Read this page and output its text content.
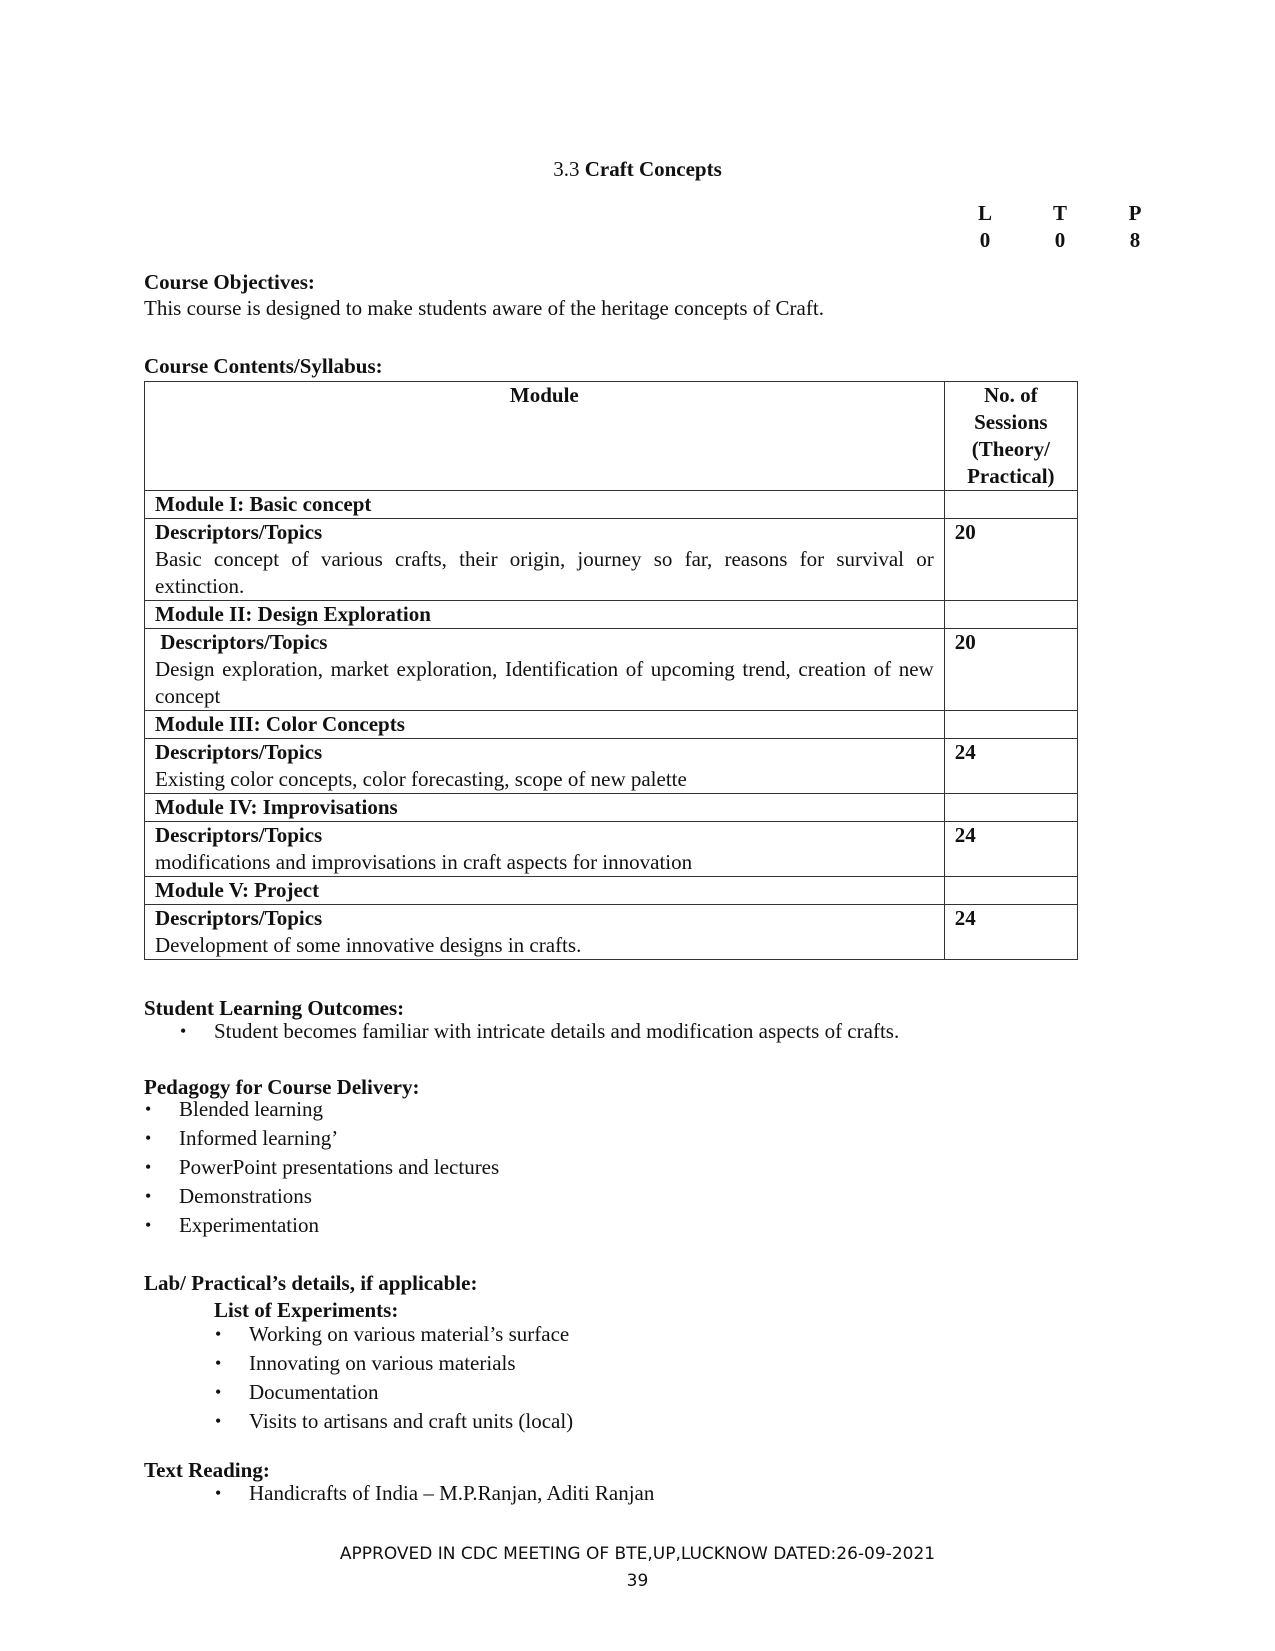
3.3 Craft Concepts
L	T	P
0	0	8
Course Objectives:
This course is designed to make students aware of the heritage concepts of Craft.
Course Contents/Syllabus:
Module	No. of
Sessions
(Theory/
Practical)

Module I: Basic concept	

Descriptors/Topics
Basic concept of various crafts, their origin, journey so far, reasons for survival or extinction.	20
Module II: Design Exploration	

Descriptors/Topics
Design exploration, market exploration, Identification of upcoming trend, creation of new concept	20
Module III: Color Concepts	

Descriptors/Topics
Existing color concepts, color forecasting, scope of new palette	24
Module IV: Improvisations	

Descriptors/Topics
modifications and improvisations in craft aspects for innovation	24
Module V: Project	

Descriptors/Topics
Development of some innovative designs in crafts.	24
Student Learning Outcomes:
• Student becomes familiar with intricate details and modification aspects of crafts.
Pedagogy for Course Delivery:
• Blended learning
• Informed learning’
• PowerPoint presentations and lectures
• Demonstrations
• Experimentation
Lab/ Practical’s details, if applicable:
List of Experiments:
• Working on various material’s surface
• Innovating on various materials
• Documentation
• Visits to artisans and craft units (local)
Text Reading:
• Handicrafts of India – M.P.Ranjan, Aditi Ranjan
APPROVED IN CDC MEETING OF BTE,UP,LUCKNOW DATED:26-09-2021
39
